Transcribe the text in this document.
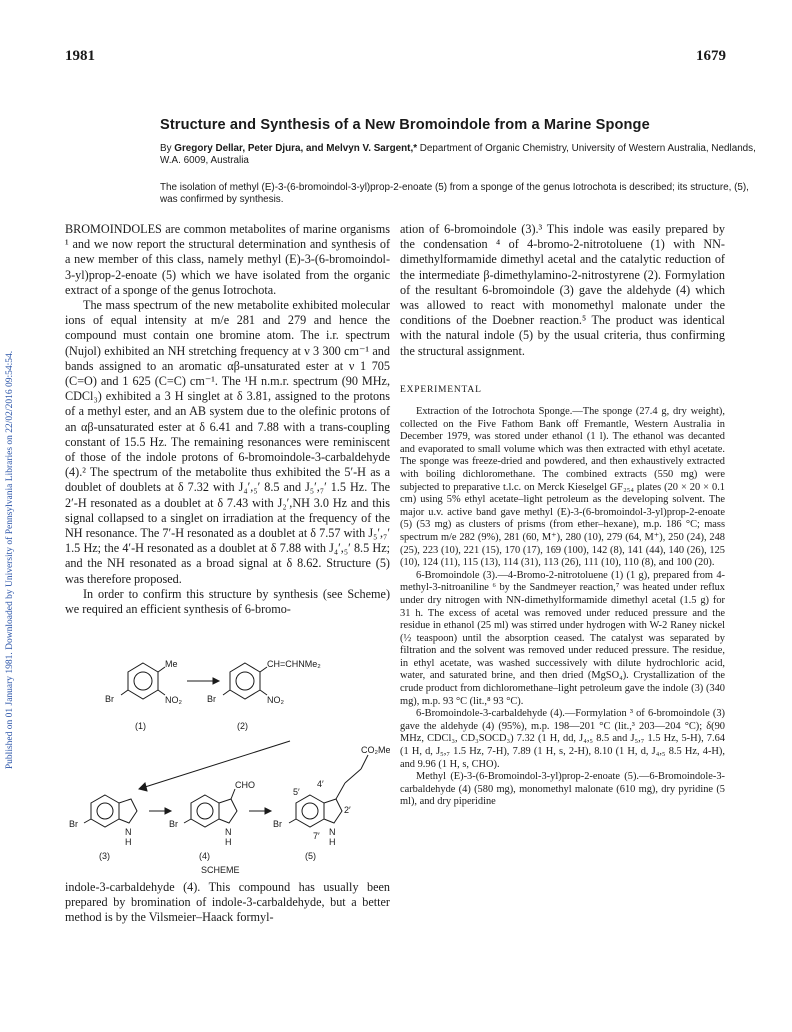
Published on 01 January 1981. Downloaded by University of Pennsylvania Libraries on 22/02/2016 09:54:54.
1981	1679
Structure and Synthesis of a New Bromoindole from a Marine Sponge
By Gregory Dellar, Peter Djura, and Melvyn V. Sargent,* Department of Organic Chemistry, University of Western Australia, Nedlands, W.A. 6009, Australia
The isolation of methyl (E)-3-(6-bromoindol-3-yl)prop-2-enoate (5) from a sponge of the genus Iotrochota is described; its structure, (5), was confirmed by synthesis.

BROMOINDOLES are common metabolites of marine organisms ¹ and we now report the structural determination and synthesis of a new member of this class, namely methyl (E)-3-(6-bromoindol-3-yl)prop-2-enoate (5) which we have isolated from the organic extract of a sponge of the genus Iotrochota.

The mass spectrum of the new metabolite exhibited molecular ions of equal intensity at m/e 281 and 279 and hence the compound must contain one bromine atom. The i.r. spectrum (Nujol) exhibited an NH stretching frequency at ν 3 300 cm⁻¹ and bands assigned to an aromatic αβ-unsaturated ester at ν 1 705 (C=O) and 1 625 (C=C) cm⁻¹. The ¹H n.m.r. spectrum (90 MHz, CDCl₃) exhibited a 3 H singlet at δ 3.81, assigned to the protons of a methyl ester, and an AB system due to the olefinic protons of an αβ-unsaturated ester at δ 6.41 and 7.88 with a trans-coupling constant of 15.5 Hz. The remaining resonances were reminiscent of those of the indole protons of 6-bromoindole-3-carbaldehyde (4).² The spectrum of the metabolite thus exhibited the 5′-H as a doublet of doublets at δ 7.32 with J₄′,₅′ 8.5 and J₅′,₇′ 1.5 Hz. The 2′-H resonated as a doublet at δ 7.43 with J₂′,NH 3.0 Hz and this signal collapsed to a singlet on irradiation at the frequency of the NH resonance. The 7′-H resonated as a doublet at δ 7.57 with J₅′,₇′ 1.5 Hz; the 4′-H resonated as a doublet at δ 7.88 with J₄′,₅′ 8.5 Hz; and the NH resonated as a broad signal at δ 8.62. Structure (5) was therefore proposed.

In order to confirm this structure by synthesis (see Scheme) we required an efficient synthesis of 6-bromo-

Me
NO₂
Br
(1)
CH=CHNMe₂
NO₂
Br
(2)
Br
N
H
(3)
CHO
Br
N
H
(4)
CO₂Me
Br
N
H
5′
4′
2′
7′
(5)
SCHEME

indole-3-carbaldehyde (4). This compound has usually been prepared by bromination of indole-3-carbaldehyde, but a better method is by the Vilsmeier–Haack formyl-

ation of 6-bromoindole (3).³ This indole was easily prepared by the condensation ⁴ of 4-bromo-2-nitrotoluene (1) with NN-dimethylformamide dimethyl acetal and the catalytic reduction of the intermediate β-dimethylamino-2-nitrostyrene (2). Formylation of the resultant 6-bromoindole (3) gave the aldehyde (4) which was allowed to react with monomethyl malonate under the conditions of the Doebner reaction.⁵ The product was identical with the natural indole (5) by the usual criteria, thus confirming the structural assignment.

EXPERIMENTAL

Extraction of the Iotrochota Sponge.—The sponge (27.4 g, dry weight), collected on the Five Fathom Bank off Fremantle, Western Australia in December 1979, was stored under ethanol (1 l). The ethanol was decanted and evaporated to small volume which was then extracted with ethyl acetate. The sponge was freeze-dried and powdered, and then exhaustively extracted with boiling dichloromethane. The combined extracts (550 mg) were subjected to preparative t.l.c. on Merck Kieselgel GF₂₅₄ plates (20 × 20 × 0.1 cm) using 5% ethyl acetate–light petroleum as the developing solvent. The major u.v. active band gave methyl (E)-3-(6-bromoindol-3-yl)prop-2-enoate (5) (53 mg) as clusters of prisms (from ether–hexane), m.p. 186 °C; mass spectrum m/e 282 (9%), 281 (60, M⁺), 280 (10), 279 (64, M⁺), 250 (24), 248 (25), 223 (10), 221 (15), 170 (17), 169 (100), 142 (8), 141 (44), 140 (26), 125 (10), 124 (11), 115 (13), 114 (31), 113 (26), 111 (10), 110 (8), and 100 (20).

6-Bromoindole (3).—4-Bromo-2-nitrotoluene (1) (1 g), prepared from 4-methyl-3-nitroaniline ⁶ by the Sandmeyer reaction,⁷ was heated under reflux under dry nitrogen with NN-dimethylformamide dimethyl acetal (1.5 g) for 31 h. The excess of acetal was removed under reduced pressure and the residue in ethanol (25 ml) was stirred under hydrogen with W-2 Raney nickel (½ teaspoon) until the absorption ceased. The catalyst was separated by filtration and the solvent was removed under reduced pressure. The residue, in ethyl acetate, was washed successively with dilute hydrochloric acid, water, and saturated brine, and then dried (MgSO₄). Crystallization of the crude product from dichloromethane–light petroleum gave the indole (3) (340 mg), m.p. 93 °C (lit.,⁸ 93 °C).

6-Bromoindole-3-carbaldehyde (4).—Formylation ³ of 6-bromoindole (3) gave the aldehyde (4) (95%), m.p. 198—201 °C (lit.,³ 203—204 °C); δ(90 MHz, CDCl₃, CD₃SOCD₃) 7.32 (1 H, dd, J₄,₅ 8.5 and J₅,₇ 1.5 Hz, 5-H), 7.64 (1 H, d, J₅,₇ 1.5 Hz, 7-H), 7.89 (1 H, s, 2-H), 8.10 (1 H, d, J₄,₅ 8.5 Hz, 4-H), and 9.96 (1 H, s, CHO).

Methyl (E)-3-(6-Bromoindol-3-yl)prop-2-enoate (5).—6-Bromoindole-3-carbaldehyde (4) (580 mg), monomethyl malonate (610 mg), dry pyridine (5 ml), and dry piperidine
